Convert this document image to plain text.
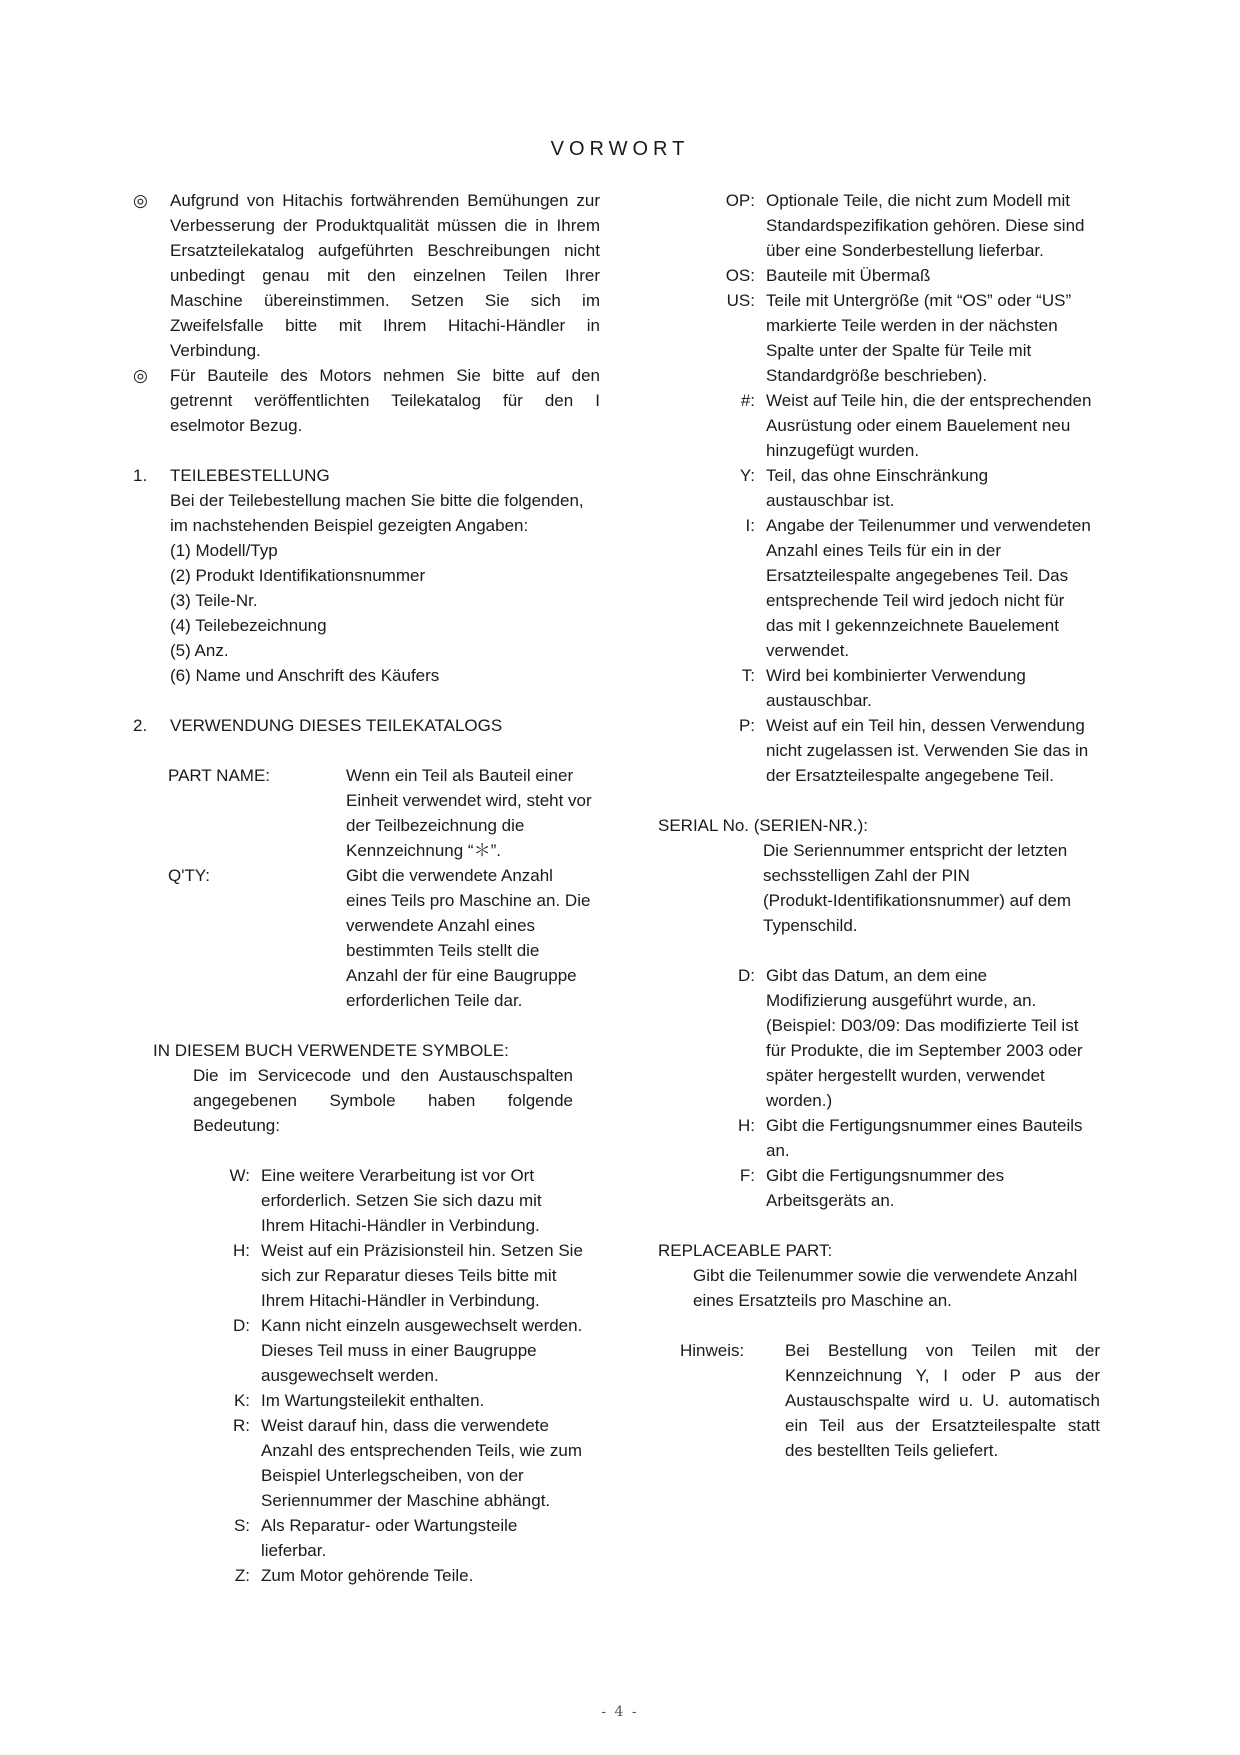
VORWORT
◎ Aufgrund von Hitachis fortwährenden Bemühungen zur
Verbesserung der Produktqualität müssen die in Ihrem
Ersatzteilekatalog aufgeführten Beschreibungen nicht
unbedingt genau mit den einzelnen Teilen Ihrer
Maschine übereinstimmen. Setzen Sie sich im
Zweifelsfalle bitte mit Ihrem Hitachi-Händler in
Verbindung.
◎ Für Bauteile des Motors nehmen Sie bitte auf den
getrennt veröffentlichten Teilekatalog für den I
eselmotor Bezug.
1. TEILEBESTELLUNG
Bei der Teilebestellung machen Sie bitte die folgenden,
im nachstehenden Beispiel gezeigten Angaben:
(1) Modell/Typ
(2) Produkt Identifikationsnummer
(3) Teile-Nr.
(4) Teilebezeichnung
(5) Anz.
(6) Name und Anschrift des Käufers
2. VERWENDUNG DIESES TEILEKATALOGS
PART NAME:	Wenn ein Teil als Bauteil einer
Einheit verwendet wird, steht vor
der Teilbezeichnung die
Kennzeichnung “＊”.
Q'TY:	Gibt die verwendete Anzahl
eines Teils pro Maschine an. Die
verwendete Anzahl eines
bestimmten Teils stellt die
Anzahl der für eine Baugruppe
erforderlichen Teile dar.
IN DIESEM BUCH VERWENDETE SYMBOLE:
Die im Servicecode und den Austauschspalten
angegebenen Symbole haben folgende
Bedeutung:
W: Eine weitere Verarbeitung ist vor Ort
erforderlich. Setzen Sie sich dazu mit
Ihrem Hitachi-Händler in Verbindung.
H: Weist auf ein Präzisionsteil hin. Setzen Sie
sich zur Reparatur dieses Teils bitte mit
Ihrem Hitachi-Händler in Verbindung.
D: Kann nicht einzeln ausgewechselt werden.
Dieses Teil muss in einer Baugruppe
ausgewechselt werden.
K: Im Wartungsteilekit enthalten.
R: Weist darauf hin, dass die verwendete
Anzahl des entsprechenden Teils, wie zum
Beispiel Unterlegscheiben, von der
Seriennummer der Maschine abhängt.
S: Als Reparatur- oder Wartungsteile
lieferbar.
Z: Zum Motor gehörende Teile.
OP: Optionale Teile, die nicht zum Modell mit
Standardspezifikation gehören. Diese sind
über eine Sonderbestellung lieferbar.
OS: Bauteile mit Übermaß
US: Teile mit Untergröße (mit “OS” oder “US”
markierte Teile werden in der nächsten
Spalte unter der Spalte für Teile mit
Standardgröße beschrieben).
#: Weist auf Teile hin, die der entsprechenden
Ausrüstung oder einem Bauelement neu
hinzugefügt wurden.
Y: Teil, das ohne Einschränkung
austauschbar ist.
I: Angabe der Teilenummer und verwendeten
Anzahl eines Teils für ein in der
Ersatzteilespalte angegebenes Teil. Das
entsprechende Teil wird jedoch nicht für
das mit I gekennzeichnete Bauelement
verwendet.
T: Wird bei kombinierter Verwendung
austauschbar.
P: Weist auf ein Teil hin, dessen Verwendung
nicht zugelassen ist. Verwenden Sie das in
der Ersatzteilespalte angegebene Teil.
SERIAL No. (SERIEN-NR.):
Die Seriennummer entspricht der letzten
sechsstelligen Zahl der PIN
(Produkt-Identifikationsnummer) auf dem
Typenschild.
D: Gibt das Datum, an dem eine
Modifizierung ausgeführt wurde, an.
(Beispiel: D03/09: Das modifizierte Teil ist
für Produkte, die im September 2003 oder
später hergestellt wurden, verwendet
worden.)
H: Gibt die Fertigungsnummer eines Bauteils
an.
F: Gibt die Fertigungsnummer des
Arbeitsgeräts an.
REPLACEABLE PART:
Gibt die Teilenummer sowie die verwendete Anzahl
eines Ersatzteils pro Maschine an.
Hinweis: Bei Bestellung von Teilen mit der
Kennzeichnung Y, I oder P aus der
Austauschspalte wird u. U. automatisch
ein Teil aus der Ersatzteilespalte statt
des bestellten Teils geliefert.
- 4 -
